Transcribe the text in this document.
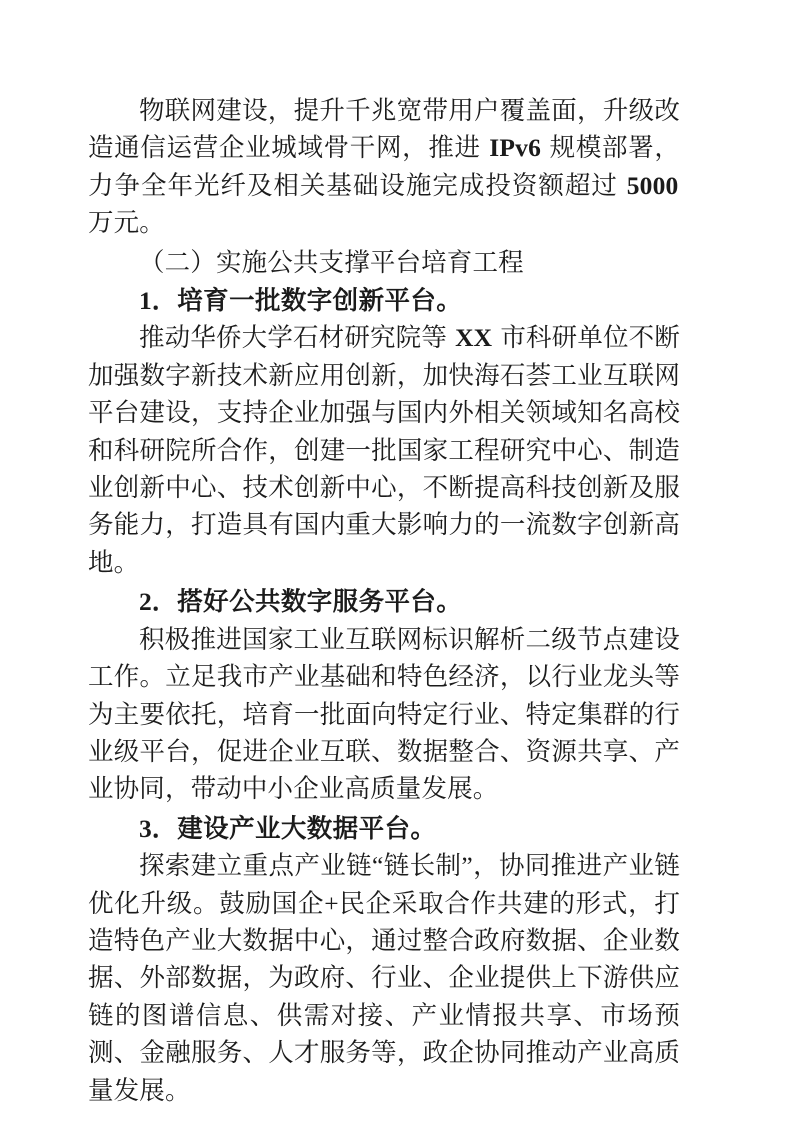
物联网建设，提升千兆宽带用户覆盖面，升级改造通信运营企业城域骨干网，推进 IPv6 规模部署，力争全年光纤及相关基础设施完成投资额超过 5000 万元。

（二）实施公共支撑平台培育工程

1．培育一批数字创新平台。

推动华侨大学石材研究院等 XX 市科研单位不断加强数字新技术新应用创新，加快海石荟工业互联网平台建设，支持企业加强与国内外相关领域知名高校和科研院所合作，创建一批国家工程研究中心、制造业创新中心、技术创新中心，不断提高科技创新及服务能力，打造具有国内重大影响力的一流数字创新高地。

2．搭好公共数字服务平台。

积极推进国家工业互联网标识解析二级节点建设工作。立足我市产业基础和特色经济，以行业龙头等为主要依托，培育一批面向特定行业、特定集群的行业级平台，促进企业互联、数据整合、资源共享、产业协同，带动中小企业高质量发展。

3．建设产业大数据平台。

探索建立重点产业链“链长制”，协同推进产业链优化升级。鼓励国企+民企采取合作共建的形式，打造特色产业大数据中心，通过整合政府数据、企业数据、外部数据，为政府、行业、企业提供上下游供应链的图谱信息、供需对接、产业情报共享、市场预测、金融服务、人才服务等，政企协同推动产业高质量发展。
